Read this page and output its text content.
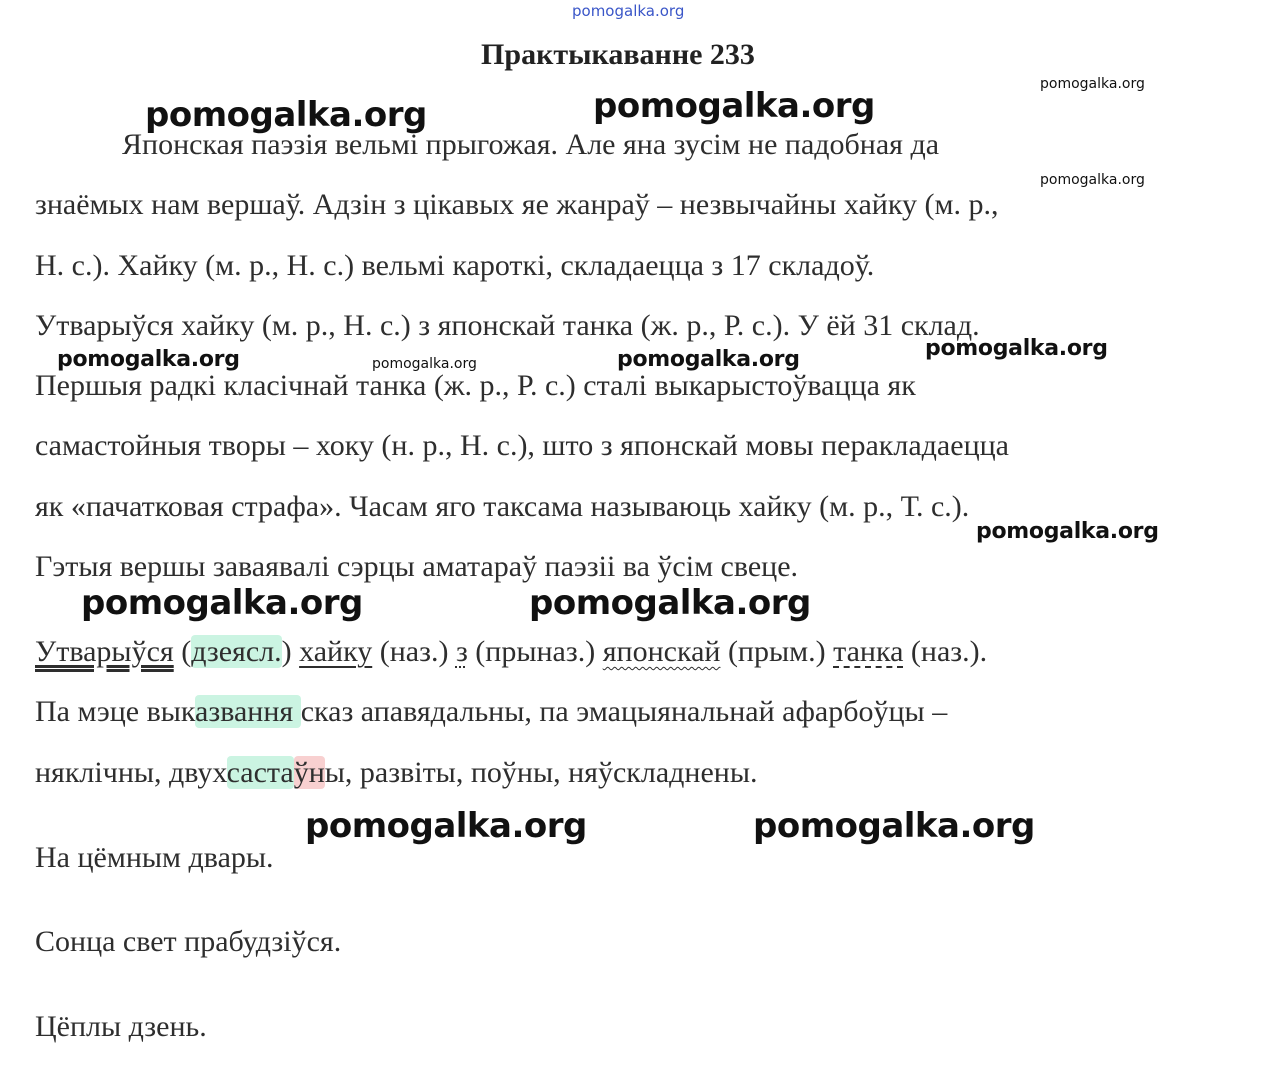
pomogalka.org
Практыкаванне 233
Японская паэзія вельмі прыгожая. Але яна зусім не падобная да
знаёмых нам вершаў. Адзін з цікавых яе жанраў – незвычайны хайку (м. р.,
Н. с.). Хайку (м. р., Н. с.) вельмі кароткі, складаецца з 17 складоў.
Утварыўся хайку (м. р., Н. с.) з японскай танка (ж. р., Р. с.). У ёй 31 склад.
Першыя радкі класічнай танка (ж. р., Р. с.) сталі выкарыстоўвацца як
самастойныя творы – хоку (н. р., Н. с.), што з японскай мовы перакладаецца
як «пачатковая страфа». Часам яго таксама называюць хайку (м. р., Т. с.).
Гэтыя вершы заваявалі сэрцы аматараў паэзіі ва ўсім свеце.
Утварыўся (дзеясл.) хайку (наз.) з (прыназ.) японскай (прым.) танка (наз.).
Па мэце выказвання сказ апавядальны, па эмацыянальнай афарбоўцы –
няклічны, двухсастаўны, развіты, поўны, няўскладнены.
На цёмным двары.
Сонца свет прабудзіўся.
Цёплы дзень.
pomogalka.org	pomogalka.org
pomogalka.org
pomogalka.org
pomogalka.org	pomogalka.org	pomogalka.org	pomogalka.org
pomogalka.org
pomogalka.org	pomogalka.org
pomogalka.org	pomogalka.org
